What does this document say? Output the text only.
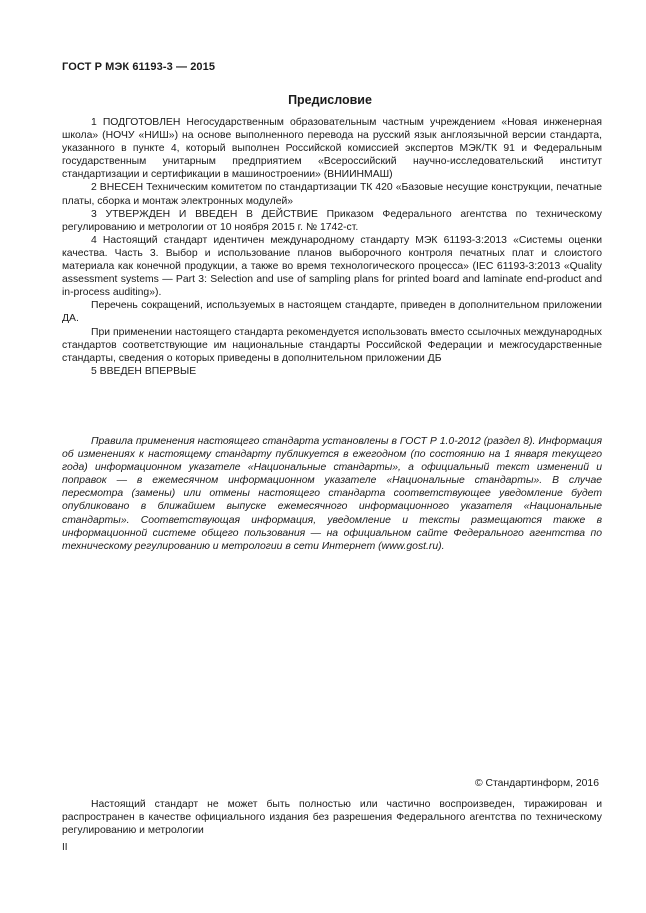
ГОСТ Р МЭК 61193-3 — 2015
Предисловие

1 ПОДГОТОВЛЕН Негосударственным образовательным частным учреждением «Новая инженерная школа» (НОЧУ «НИШ») на основе выполненного перевода на русский язык англоязычной версии стандарта, указанного в пункте 4, который выполнен Российской комиссией экспертов МЭК/ТК 91 и Федеральным государственным унитарным предприятием «Всероссийский научно-исследовательский институт стандартизации и сертификации в машиностроении» (ВНИИНМАШ)

2 ВНЕСЕН Техническим комитетом по стандартизации ТК 420 «Базовые несущие конструкции, печатные платы, сборка и монтаж электронных модулей»

3 УТВЕРЖДЕН И ВВЕДЕН В ДЕЙСТВИЕ Приказом Федерального агентства по техническому регулированию и метрологии от 10 ноября 2015 г. № 1742-ст.

4 Настоящий стандарт идентичен международному стандарту МЭК 61193-3:2013 «Системы оценки качества. Часть 3. Выбор и использование планов выборочного контроля печатных плат и слоистого материала как конечной продукции, а также во время технологического процесса» (IEC 61193-3:2013 «Quality assessment systems — Part 3: Selection and use of sampling plans for printed board and laminate end-product and in-process auditing»).

Перечень сокращений, используемых в настоящем стандарте, приведен в дополнительном приложении ДА.

При применении настоящего стандарта рекомендуется использовать вместо ссылочных международных стандартов соответствующие им национальные стандарты Российской Федерации и межгосударственные стандарты, сведения о которых приведены в дополнительном приложении ДБ

5 ВВЕДЕН ВПЕРВЫЕ

Правила применения настоящего стандарта установлены в ГОСТ Р 1.0-2012 (раздел 8). Информация об изменениях к настоящему стандарту публикуется в ежегодном (по состоянию на 1 января текущего года) информационном указателе «Национальные стандарты», а официальный текст изменений и поправок — в ежемесячном информационном указателе «Национальные стандарты». В случае пересмотра (замены) или отмены настоящего стандарта соответствующее уведомление будет опубликовано в ближайшем выпуске ежемесячного информационного указателя «Национальные стандарты». Соответствующая информация, уведомление и тексты размещаются также в информационной системе общего пользования — на официальном сайте Федерального агентства по техническому регулированию и метрологии в сети Интернет (www.gost.ru).

© Стандартинформ, 2016

Настоящий стандарт не может быть полностью или частично воспроизведен, тиражирован и распространен в качестве официального издания без разрешения Федерального агентства по техническому регулированию и метрологии

II
